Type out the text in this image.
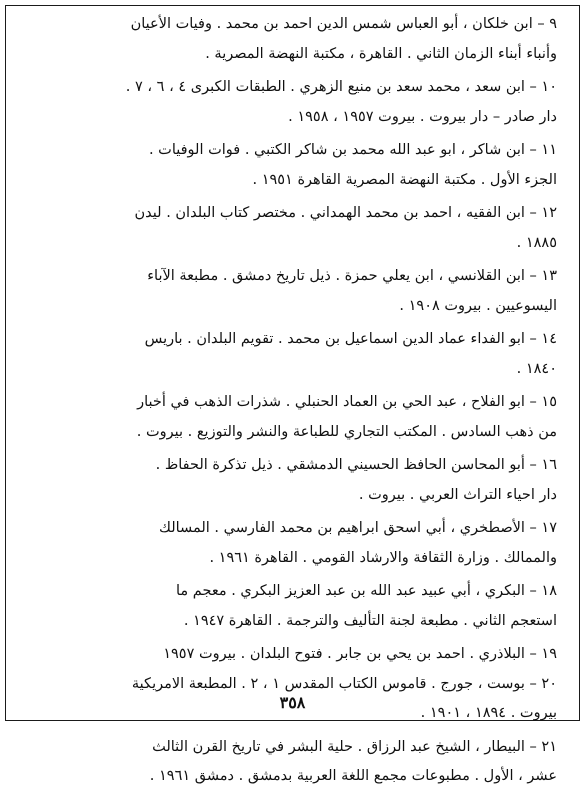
٩ – ابن خلكان ، أبو العباس شمس الدين احمد بن محمد . وفيات الأعيان
وأنباء أبناء الزمان الثاني . القاهرة ، مكتبة النهضة المصرية .
١٠ – ابن سعد ، محمد سعد بن منيع الزهري . الطبقات الكبرى ٤ ، ٦ ، ٧ .
دار صادر – دار بيروت . بيروت ١٩٥٧ ، ١٩٥٨ .
١١ – ابن شاكر ، ابو عبد الله محمد بن شاكر الكتبي . فوات الوفيات .
الجزء الأول . مكتبة النهضة المصرية القاهرة ١٩٥١ .
١٢ – ابن الفقيه ، احمد بن محمد الهمداني . مختصر كتاب البلدان . ليدن
١٨٨٥ .
١٣ – ابن القلانسي ، ابن يعلي حمزة . ذيل تاريخ دمشق . مطبعة الآباء
اليسوعيين . بيروت ١٩٠٨ .
١٤ – ابو الفداء عماد الدين اسماعيل بن محمد . تقويم البلدان . باريس
١٨٤٠ .
١٥ – ابو الفلاح ، عبد الحي بن العماد الحنبلي . شذرات الذهب في أخبار
من ذهب السادس . المكتب التجاري للطباعة والنشر والتوزيع . بيروت .
١٦ – أبو المحاسن الحافظ الحسيني الدمشقي . ذيل تذكرة الحفاظ .
دار احياء التراث العربي . بيروت .
١٧ – الأصطخري ، أبي اسحق ابراهيم بن محمد الفارسي . المسالك
والممالك . وزارة الثقافة والارشاد القومي . القاهرة ١٩٦١ .
١٨ – البكري ، أبي عبيد عبد الله بن عبد العزيز البكري . معجم ما
استعجم الثاني . مطبعة لجنة التأليف والترجمة . القاهرة ١٩٤٧ .
١٩ – البلاذري . احمد بن يحي بن جابر . فتوح البلدان . بيروت ١٩٥٧
٢٠ – بوست ، جورج . قاموس الكتاب المقدس ١ ، ٢ . المطبعة الامريكية
بيروت . ١٨٩٤ ، ١٩٠١ .
٢١ – البيطار ، الشيخ عبد الرزاق . حلية البشر في تاريخ القرن الثالث
عشر ، الأول . مطبوعات مجمع اللغة العربية بدمشق . دمشق ١٩٦١ .
٣٥٨
